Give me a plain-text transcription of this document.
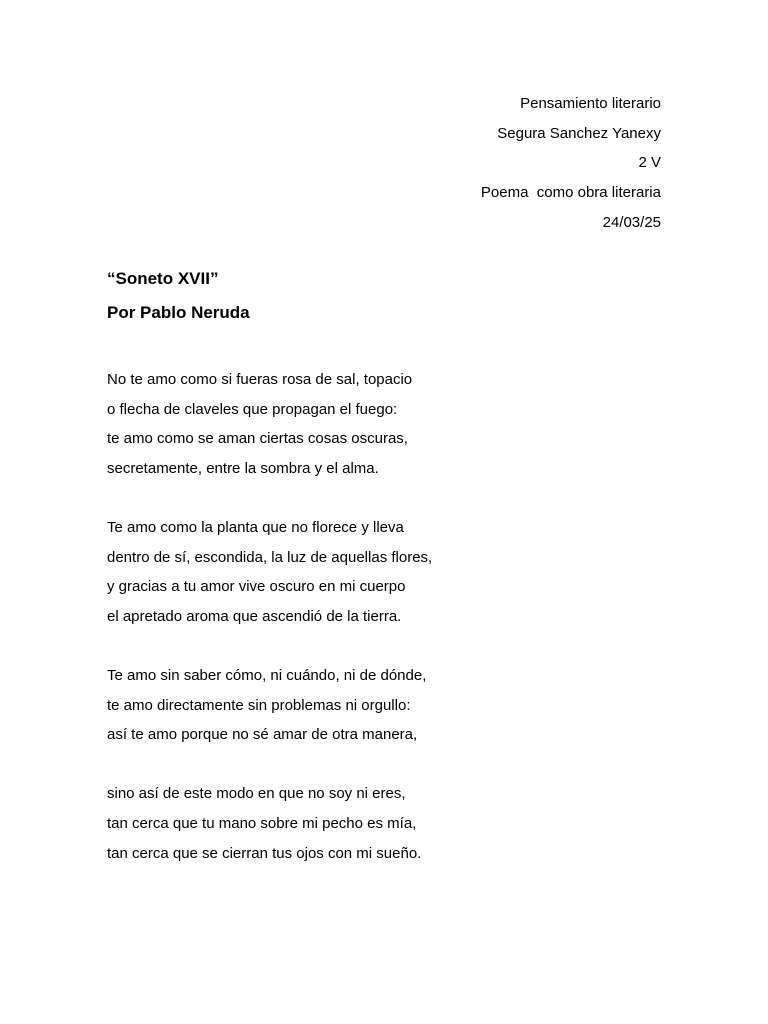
Pensamiento literario
Segura Sanchez Yanexy
2 V
Poema  como obra literaria
24/03/25
“Soneto XVII”
Por Pablo Neruda
No te amo como si fueras rosa de sal, topacio
o flecha de claveles que propagan el fuego:
te amo como se aman ciertas cosas oscuras,
secretamente, entre la sombra y el alma.
Te amo como la planta que no florece y lleva
dentro de sí, escondida, la luz de aquellas flores,
y gracias a tu amor vive oscuro en mi cuerpo
el apretado aroma que ascendió de la tierra.
Te amo sin saber cómo, ni cuándo, ni de dónde,
te amo directamente sin problemas ni orgullo:
así te amo porque no sé amar de otra manera,
sino así de este modo en que no soy ni eres,
tan cerca que tu mano sobre mi pecho es mía,
tan cerca que se cierran tus ojos con mi sueño.
